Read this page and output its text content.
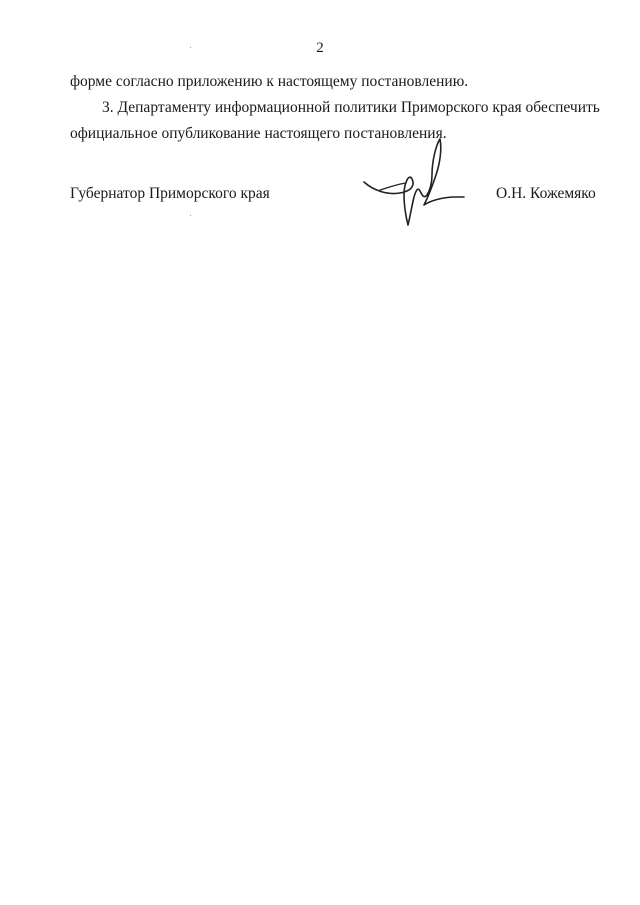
2
форме согласно приложению к настоящему постановлению.
3. Департаменту информационной политики Приморского края обеспечить
официальное опубликование настоящего постановления.
Губернатор Приморского края	О.Н. Кожемяко
